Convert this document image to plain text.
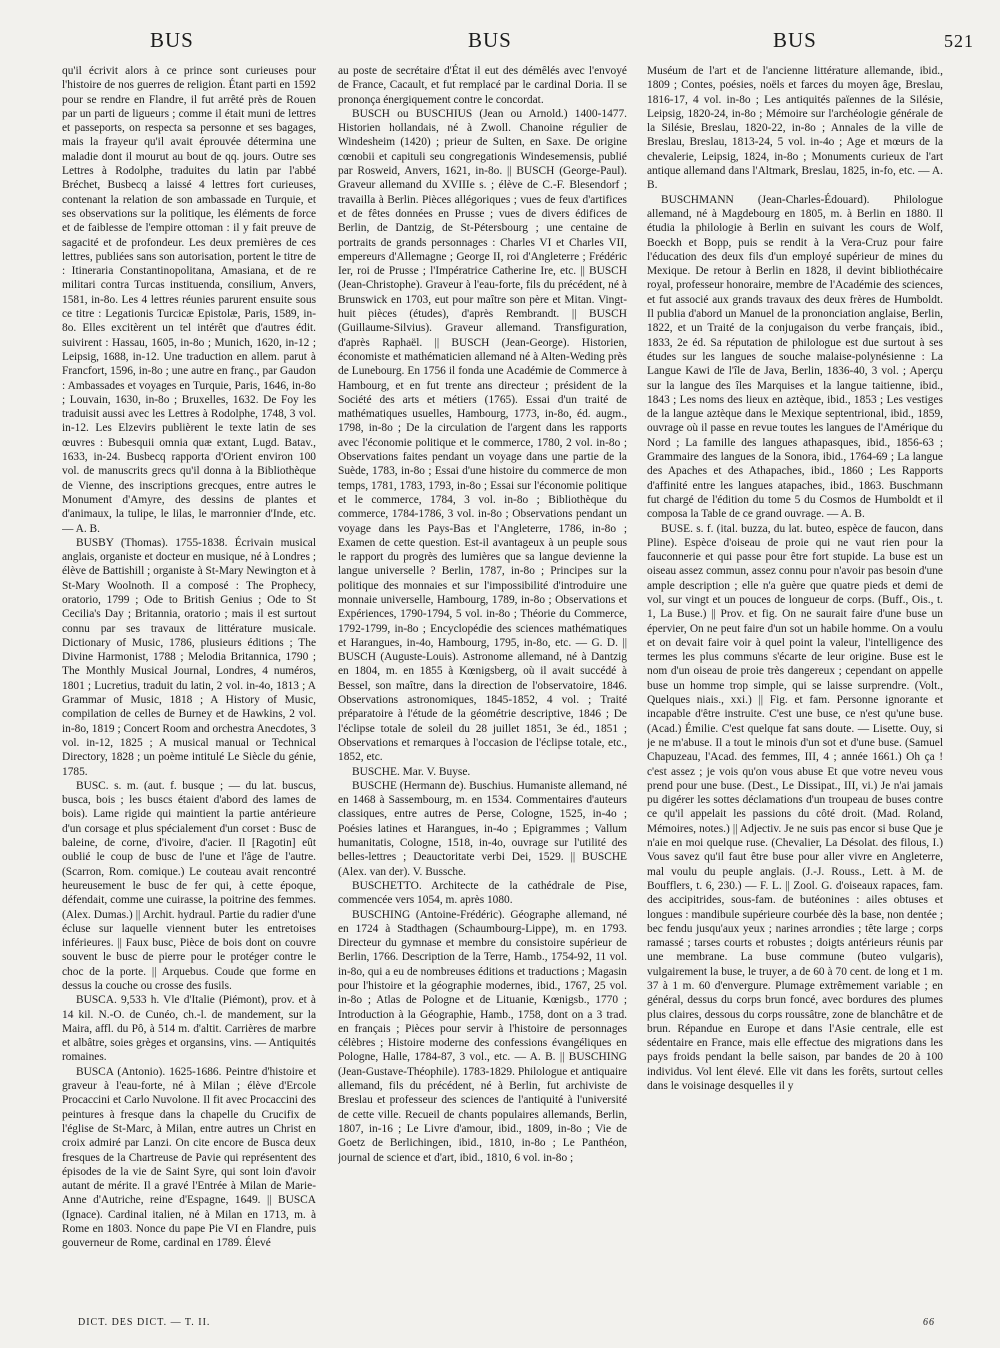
BUS	BUS	BUS	521

qu'il écrivit alors à ce prince sont curieuses pour l'histoire de nos guerres de religion. Étant parti en 1592 pour se rendre en Flandre, il fut arrêté près de Rouen par un parti de ligueurs ; comme il était muni de lettres et passeports, on respecta sa personne et ses bagages, mais la frayeur qu'il avait éprouvée détermina une maladie dont il mourut au bout de qq. jours. Outre ses Lettres à Rodolphe, traduites du latin par l'abbé Bréchet, Busbecq a laissé 4 lettres fort curieuses, contenant la relation de son ambassade en Turquie, et ses observations sur la politique, les éléments de force et de faiblesse de l'empire ottoman : il y fait preuve de sagacité et de profondeur. Les deux premières de ces lettres, publiées sans son autorisation, portent le titre de : Itineraria Constantinopolitana, Amasiana, et de re militari contra Turcas instituenda, consilium, Anvers, 1581, in-8o. Les 4 lettres réunies parurent ensuite sous ce titre : Legationis Turcicæ Epistolæ, Paris, 1589, in-8o. Elles excitèrent un tel intérêt que d'autres édit. suivirent : Hassau, 1605, in-8o ; Munich, 1620, in-12 ; Leipsig, 1688, in-12. Une traduction en allem. parut à Francfort, 1596, in-8o ; une autre en franç., par Gaudon : Ambassades et voyages en Turquie, Paris, 1646, in-8o ; Louvain, 1630, in-8o ; Bruxelles, 1632. De Foy les traduisit aussi avec les Lettres à Rodolphe, 1748, 3 vol. in-12. Les Elzevirs publièrent le texte latin de ses œuvres : Bubesquii omnia quæ extant, Lugd. Batav., 1633, in-24. Busbecq rapporta d'Orient environ 100 vol. de manuscrits grecs qu'il donna à la Bibliothèque de Vienne, des inscriptions grecques, entre autres le Monument d'Amyre, des dessins de plantes et d'animaux, la tulipe, le lilas, le marronnier d'Inde, etc. — A. B.

BUSBY (Thomas). 1755-1838. Écrivain musical anglais, organiste et docteur en musique, né à Londres ; élève de Battishill ; organiste à St-Mary Newington et à St-Mary Woolnoth. Il a composé : The Prophecy, oratorio, 1799 ; Ode to British Genius ; Ode to St Cecilia's Day ; Britannia, oratorio ; mais il est surtout connu par ses travaux de littérature musicale. Dictionary of Music, 1786, plusieurs éditions ; The Divine Harmonist, 1788 ; Melodia Britannica, 1790 ; The Monthly Musical Journal, Londres, 4 numéros, 1801 ; Lucretius, traduit du latin, 2 vol. in-4o, 1813 ; A Grammar of Music, 1818 ; A History of Music, compilation de celles de Burney et de Hawkins, 2 vol. in-8o, 1819 ; Concert Room and orchestra Anecdotes, 3 vol. in-12, 1825 ; A musical manual or Technical Directory, 1828 ; un poème intitulé Le Siècle du génie, 1785.

BUSC. s. m. (aut. f. busque ; — du lat. buscus, busca, bois ; les buscs étaient d'abord des lames de bois). Lame rigide qui maintient la partie antérieure d'un corsage et plus spécialement d'un corset : Busc de baleine, de corne, d'ivoire, d'acier. Il [Ragotin] eût oublié le coup de busc de l'une et l'âge de l'autre. (Scarron, Rom. comique.) Le couteau avait rencontré heureusement le busc de fer qui, à cette époque, défendait, comme une cuirasse, la poitrine des femmes. (Alex. Dumas.) || Archit. hydraul. Partie du radier d'une écluse sur laquelle viennent buter les entretoises inférieures. || Faux busc, Pièce de bois dont on couvre souvent le busc de pierre pour le protéger contre le choc de la porte. || Arquebus. Coude que forme en dessus la couche ou crosse des fusils.

BUSCA. 9,533 h. Vle d'Italie (Piémont), prov. et à 14 kil. N.-O. de Cunéo, ch.-l. de mandement, sur la Maira, affl. du Pô, à 514 m. d'altit. Carrières de marbre et albâtre, soies grèges et organsins, vins. — Antiquités romaines.

BUSCA (Antonio). 1625-1686. Peintre d'histoire et graveur à l'eau-forte, né à Milan ; élève d'Ercole Procaccini et Carlo Nuvolone. Il fit avec Procaccini des peintures à fresque dans la chapelle du Crucifix de l'église de St-Marc, à Milan, entre autres un Christ en croix admiré par Lanzi. On cite encore de Busca deux fresques de la Chartreuse de Pavie qui représentent des épisodes de la vie de Saint Syre, qui sont loin d'avoir autant de mérite. Il a gravé l'Entrée à Milan de Marie-Anne d'Autriche, reine d'Espagne, 1649. || BUSCA (Ignace). Cardinal italien, né à Milan en 1713, m. à Rome en 1803. Nonce du pape Pie VI en Flandre, puis gouverneur de Rome, cardinal en 1789. Élevé

au poste de secrétaire d'État il eut des démêlés avec l'envoyé de France, Cacault, et fut remplacé par le cardinal Doria. Il se prononça énergiquement contre le concordat.

BUSCH ou BUSCHIUS (Jean ou Arnold.) 1400-1477. Historien hollandais, né à Zwoll. Chanoine régulier de Windesheim (1420) ; prieur de Sulten, en Saxe. De origine cœnobii et capituli seu congregationis Windesemensis, publié par Rosweid, Anvers, 1621, in-8o. || BUSCH (George-Paul). Graveur allemand du XVIIIe s. ; élève de C.-F. Blesendorf ; travailla à Berlin. Pièces allégoriques ; vues de feux d'artifices et de fêtes données en Prusse ; vues de divers édifices de Berlin, de Dantzig, de St-Pétersbourg ; une centaine de portraits de grands personnages : Charles VI et Charles VII, empereurs d'Allemagne ; George II, roi d'Angleterre ; Frédéric Ier, roi de Prusse ; l'Impératrice Catherine Ire, etc. || BUSCH (Jean-Christophe). Graveur à l'eau-forte, fils du précédent, né à Brunswick en 1703, eut pour maître son père et Mitan. Vingt-huit pièces (études), d'après Rembrandt. || BUSCH (Guillaume-Silvius). Graveur allemand. Transfiguration, d'après Raphaël. || BUSCH (Jean-George). Historien, économiste et mathématicien allemand né à Alten-Weding près de Lunebourg. En 1756 il fonda une Académie de Commerce à Hambourg, et en fut trente ans directeur ; président de la Société des arts et métiers (1765). Essai d'un traité de mathématiques usuelles, Hambourg, 1773, in-8o, éd. augm., 1798, in-8o ; De la circulation de l'argent dans les rapports avec l'économie politique et le commerce, 1780, 2 vol. in-8o ; Observations faites pendant un voyage dans une partie de la Suède, 1783, in-8o ; Essai d'une histoire du commerce de mon temps, 1781, 1783, 1793, in-8o ; Essai sur l'économie politique et le commerce, 1784, 3 vol. in-8o ; Bibliothèque du commerce, 1784-1786, 3 vol. in-8o ; Observations pendant un voyage dans les Pays-Bas et l'Angleterre, 1786, in-8o ; Examen de cette question. Est-il avantageux à un peuple sous le rapport du progrès des lumières que sa langue devienne la langue universelle ? Berlin, 1787, in-8o ; Principes sur la politique des monnaies et sur l'impossibilité d'introduire une monnaie universelle, Hambourg, 1789, in-8o ; Observations et Expériences, 1790-1794, 5 vol. in-8o ; Théorie du Commerce, 1792-1799, in-8o ; Encyclopédie des sciences mathématiques et Harangues, in-4o, Hambourg, 1795, in-8o, etc. — G. D. || BUSCH (Auguste-Louis). Astronome allemand, né à Dantzig en 1804, m. en 1855 à Kœnigsberg, où il avait succédé à Bessel, son maître, dans la direction de l'observatoire, 1846. Observations astronomiques, 1845-1852, 4 vol. ; Traité préparatoire à l'étude de la géométrie descriptive, 1846 ; De l'éclipse totale de soleil du 28 juillet 1851, 3e éd., 1851 ; Observations et remarques à l'occasion de l'éclipse totale, etc., 1852, etc.

BUSCHE. Mar. V. Buyse.

BUSCHE (Hermann de). Buschius. Humaniste allemand, né en 1468 à Sassembourg, m. en 1534. Commentaires d'auteurs classiques, entre autres de Perse, Cologne, 1525, in-4o ; Poésies latines et Harangues, in-4o ; Epigrammes ; Vallum humanitatis, Cologne, 1518, in-4o, ouvrage sur l'utilité des belles-lettres ; Deauctoritate verbi Dei, 1529. || BUSCHE (Alex. van der). V. Bussche.

BUSCHETTO. Architecte de la cathédrale de Pise, commencée vers 1054, m. après 1080.

BUSCHING (Antoine-Frédéric). Géographe allemand, né en 1724 à Stadthagen (Schaumbourg-Lippe), m. en 1793. Directeur du gymnase et membre du consistoire supérieur de Berlin, 1766. Description de la Terre, Hamb., 1754-92, 11 vol. in-8o, qui a eu de nombreuses éditions et traductions ; Magasin pour l'histoire et la géographie modernes, ibid., 1767, 25 vol. in-8o ; Atlas de Pologne et de Lituanie, Kœnigsb., 1770 ; Introduction à la Géographie, Hamb., 1758, dont on a 3 trad. en français ; Pièces pour servir à l'histoire de personnages célèbres ; Histoire moderne des confessions évangéliques en Pologne, Halle, 1784-87, 3 vol., etc. — A. B. || BUSCHING (Jean-Gustave-Théophile). 1783-1829. Philologue et antiquaire allemand, fils du précédent, né à Berlin, fut archiviste de Breslau et professeur des sciences de l'antiquité à l'université de cette ville. Recueil de chants populaires allemands, Berlin, 1807, in-16 ; Le Livre d'amour, ibid., 1809, in-8o ; Vie de Goetz de Berlichingen, ibid., 1810, in-8o ; Le Panthéon, journal de science et d'art, ibid., 1810, 6 vol. in-8o ;

Muséum de l'art et de l'ancienne littérature allemande, ibid., 1809 ; Contes, poésies, noëls et farces du moyen âge, Breslau, 1816-17, 4 vol. in-8o ; Les antiquités païennes de la Silésie, Leipsig, 1820-24, in-8o ; Mémoire sur l'archéologie générale de la Silésie, Breslau, 1820-22, in-8o ; Annales de la ville de Breslau, Breslau, 1813-24, 5 vol. in-4o ; Age et mœurs de la chevalerie, Leipsig, 1824, in-8o ; Monuments curieux de l'art antique allemand dans l'Altmark, Breslau, 1825, in-fo, etc. — A. B.

BUSCHMANN (Jean-Charles-Édouard). Philologue allemand, né à Magdebourg en 1805, m. à Berlin en 1880. Il étudia la philologie à Berlin en suivant les cours de Wolf, Boeckh et Bopp, puis se rendit à la Vera-Cruz pour faire l'éducation des deux fils d'un employé supérieur de mines du Mexique. De retour à Berlin en 1828, il devint bibliothécaire royal, professeur honoraire, membre de l'Académie des sciences, et fut associé aux grands travaux des deux frères de Humboldt. Il publia d'abord un Manuel de la prononciation anglaise, Berlin, 1822, et un Traité de la conjugaison du verbe français, ibid., 1833, 2e éd. Sa réputation de philologue est due surtout à ses études sur les langues de souche malaise-polynésienne : La Langue Kawi de l'île de Java, Berlin, 1836-40, 3 vol. ; Aperçu sur la langue des îles Marquises et la langue taitienne, ibid., 1843 ; Les noms des lieux en aztèque, ibid., 1853 ; Les vestiges de la langue aztèque dans le Mexique septentrional, ibid., 1859, ouvrage où il passe en revue toutes les langues de l'Amérique du Nord ; La famille des langues athapasques, ibid., 1856-63 ; Grammaire des langues de la Sonora, ibid., 1764-69 ; La langue des Apaches et des Athapaches, ibid., 1860 ; Les Rapports d'affinité entre les langues atapaches, ibid., 1863. Buschmann fut chargé de l'édition du tome 5 du Cosmos de Humboldt et il composa la Table de ce grand ouvrage. — A. B.

BUSE. s. f. (ital. buzza, du lat. buteo, espèce de faucon, dans Pline). Espèce d'oiseau de proie qui ne vaut rien pour la fauconnerie et qui passe pour être fort stupide. La buse est un oiseau assez commun, assez connu pour n'avoir pas besoin d'une ample description ; elle n'a guère que quatre pieds et demi de vol, sur vingt et un pouces de longueur de corps. (Buff., Ois., t. 1, La Buse.) || Prov. et fig. On ne saurait faire d'une buse un épervier, On ne peut faire d'un sot un habile homme. On a voulu et on devait faire voir à quel point la valeur, l'intelligence des termes les plus communs s'écarte de leur origine. Buse est le nom d'un oiseau de proie très dangereux ; cependant on appelle buse un homme trop simple, qui se laisse surprendre. (Volt., Quelques niais., xxi.) || Fig. et fam. Personne ignorante et incapable d'être instruite. C'est une buse, ce n'est qu'une buse. (Acad.) Émilie. C'est quelque fat sans doute. — Lisette. Ouy, si je ne m'abuse. Il a tout le minois d'un sot et d'une buse. (Samuel Chapuzeau, l'Acad. des femmes, III, 4 ; année 1661.) Oh ça ! c'est assez ; je vois qu'on vous abuse Et que votre neveu vous prend pour une buse. (Dest., Le Dissipat., III, vi.) Je n'ai jamais pu digérer les sottes déclamations d'un troupeau de buses contre ce qu'il appelait les passions du côté droit. (Mad. Roland, Mémoires, notes.) || Adjectiv. Je ne suis pas encor si buse Que je n'aie en moi quelque ruse. (Chevalier, La Désolat. des filous, I.) Vous savez qu'il faut être buse pour aller vivre en Angleterre, mal voulu du peuple anglais. (J.-J. Rouss., Lett. à M. de Boufflers, t. 6, 230.) — F. L. || Zool. G. d'oiseaux rapaces, fam. des accipitrides, sous-fam. de butéonines : ailes obtuses et longues : mandibule supérieure courbée dès la base, non dentée ; bec fendu jusqu'aux yeux ; narines arrondies ; tête large ; corps ramassé ; tarses courts et robustes ; doigts antérieurs réunis par une membrane. La buse commune (buteo vulgaris), vulgairement la buse, le truyer, a de 60 à 70 cent. de long et 1 m. 37 à 1 m. 60 d'envergure. Plumage extrêmement variable ; en général, dessus du corps brun foncé, avec bordures des plumes plus claires, dessous du corps roussâtre, zone de blanchâtre et de brun. Répandue en Europe et dans l'Asie centrale, elle est sédentaire en France, mais elle effectue des migrations dans les pays froids pendant la belle saison, par bandes de 20 à 100 individus. Vol lent élevé. Elle vit dans les forêts, surtout celles dans le voisinage desquelles il y

DICT. DES DICT. — T. II.	66
